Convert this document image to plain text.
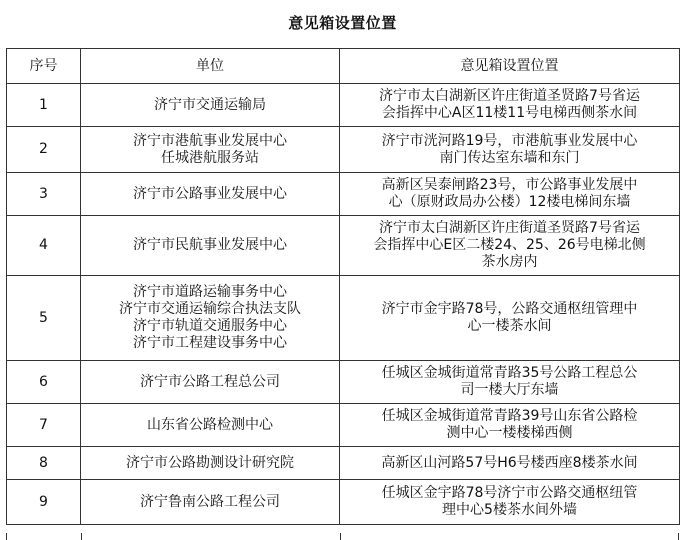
意见箱设置位置
序号	单位	意见箱设置位置
1	济宁市交通运输局	济宁市太白湖新区许庄街道圣贤路7号省运
会指挥中心A区11楼11号电梯西侧茶水间

2	济宁市港航事业发展中心
任城港航服务站	济宁市洸河路19号，市港航事业发展中心
南门传达室东墙和东门

3	济宁市公路事业发展中心	高新区吴泰闸路23号，市公路事业发展中
心（原财政局办公楼）12楼电梯间东墙

4	济宁市民航事业发展中心	济宁市太白湖新区许庄街道圣贤路7号省运
会指挥中心E区二楼24、25、26号电梯北侧
茶水房内

5	济宁市道路运输事务中心
济宁市交通运输综合执法支队
济宁市轨道交通服务中心
济宁市工程建设事务中心	济宁市金宇路78号，公路交通枢纽管理中
心一楼茶水间

6	济宁市公路工程总公司	任城区金城街道常青路35号公路工程总公
司一楼大厅东墙

7	山东省公路检测中心	任城区金城街道常青路39号山东省公路检
测中心一楼楼梯西侧

8	济宁市公路勘测设计研究院	高新区山河路57号H6号楼西座8楼茶水间

9	济宁鲁南公路工程公司	任城区金宇路78号济宁市公路交通枢纽管
理中心5楼茶水间外墙
